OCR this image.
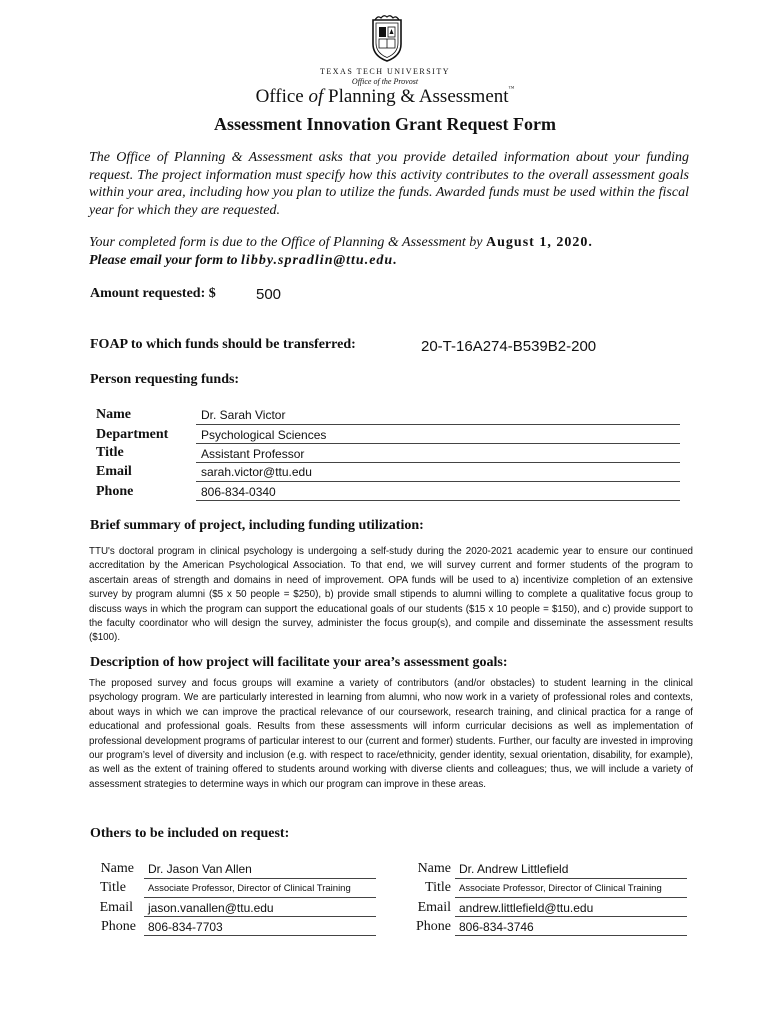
TEXAS TECH UNIVERSITY
Office of the Provost
Office of Planning & Assessment™
Assessment Innovation Grant Request Form
The Office of Planning & Assessment asks that you provide detailed information about your funding request. The project information must specify how this activity contributes to the overall assessment goals within your area, including how you plan to utilize the funds. Awarded funds must be used within the fiscal year for which they are requested.
Your completed form is due to the Office of Planning & Assessment by August 1, 2020.
Please email your form to libby.spradlin@ttu.edu.
Amount requested: $	500
FOAP to which funds should be transferred:	20-T-16A274-B539B2-200
Person requesting funds:
Name	Dr. Sarah Victor
Department	Psychological Sciences
Title	Assistant Professor
Email	sarah.victor@ttu.edu
Phone	806-834-0340
Brief summary of project, including funding utilization:
TTU's doctoral program in clinical psychology is undergoing a self-study during the 2020-2021 academic year to ensure our continued accreditation by the American Psychological Association. To that end, we will survey current and former students of the program to ascertain areas of strength and domains in need of improvement. OPA funds will be used to a) incentivize completion of an extensive survey by program alumni ($5 x 50 people = $250), b) provide small stipends to alumni willing to complete a qualitative focus group to discuss ways in which the program can support the educational goals of our students ($15 x 10 people = $150), and c) provide support to the faculty coordinator who will design the survey, administer the focus group(s), and compile and disseminate the assessment results ($100).
Description of how project will facilitate your area’s assessment goals:
The proposed survey and focus groups will examine a variety of contributors (and/or obstacles) to student learning in the clinical psychology program. We are particularly interested in learning from alumni, who now work in a variety of professional roles and contexts, about ways in which we can improve the practical relevance of our coursework, research training, and clinical practica for a range of educational and professional goals. Results from these assessments will inform curricular decisions as well as implementation of professional development programs of particular interest to our (current and former) students. Further, our faculty are invested in improving our program’s level of diversity and inclusion (e.g. with respect to race/ethnicity, gender identity, sexual orientation, disability, for example), as well as the extent of training offered to students around working with diverse clients and colleagues; thus, we will include a variety of assessment strategies to determine ways in which our program can improve in these areas.
Others to be included on request:
Name Dr. Jason Van Allen
Title Associate Professor, Director of Clinical Training
Email jason.vanallen@ttu.edu
Phone 806-834-7703
Name Dr. Andrew Littlefield
Title Associate Professor, Director of Clinical Training
Email andrew.littlefield@ttu.edu
Phone 806-834-3746
